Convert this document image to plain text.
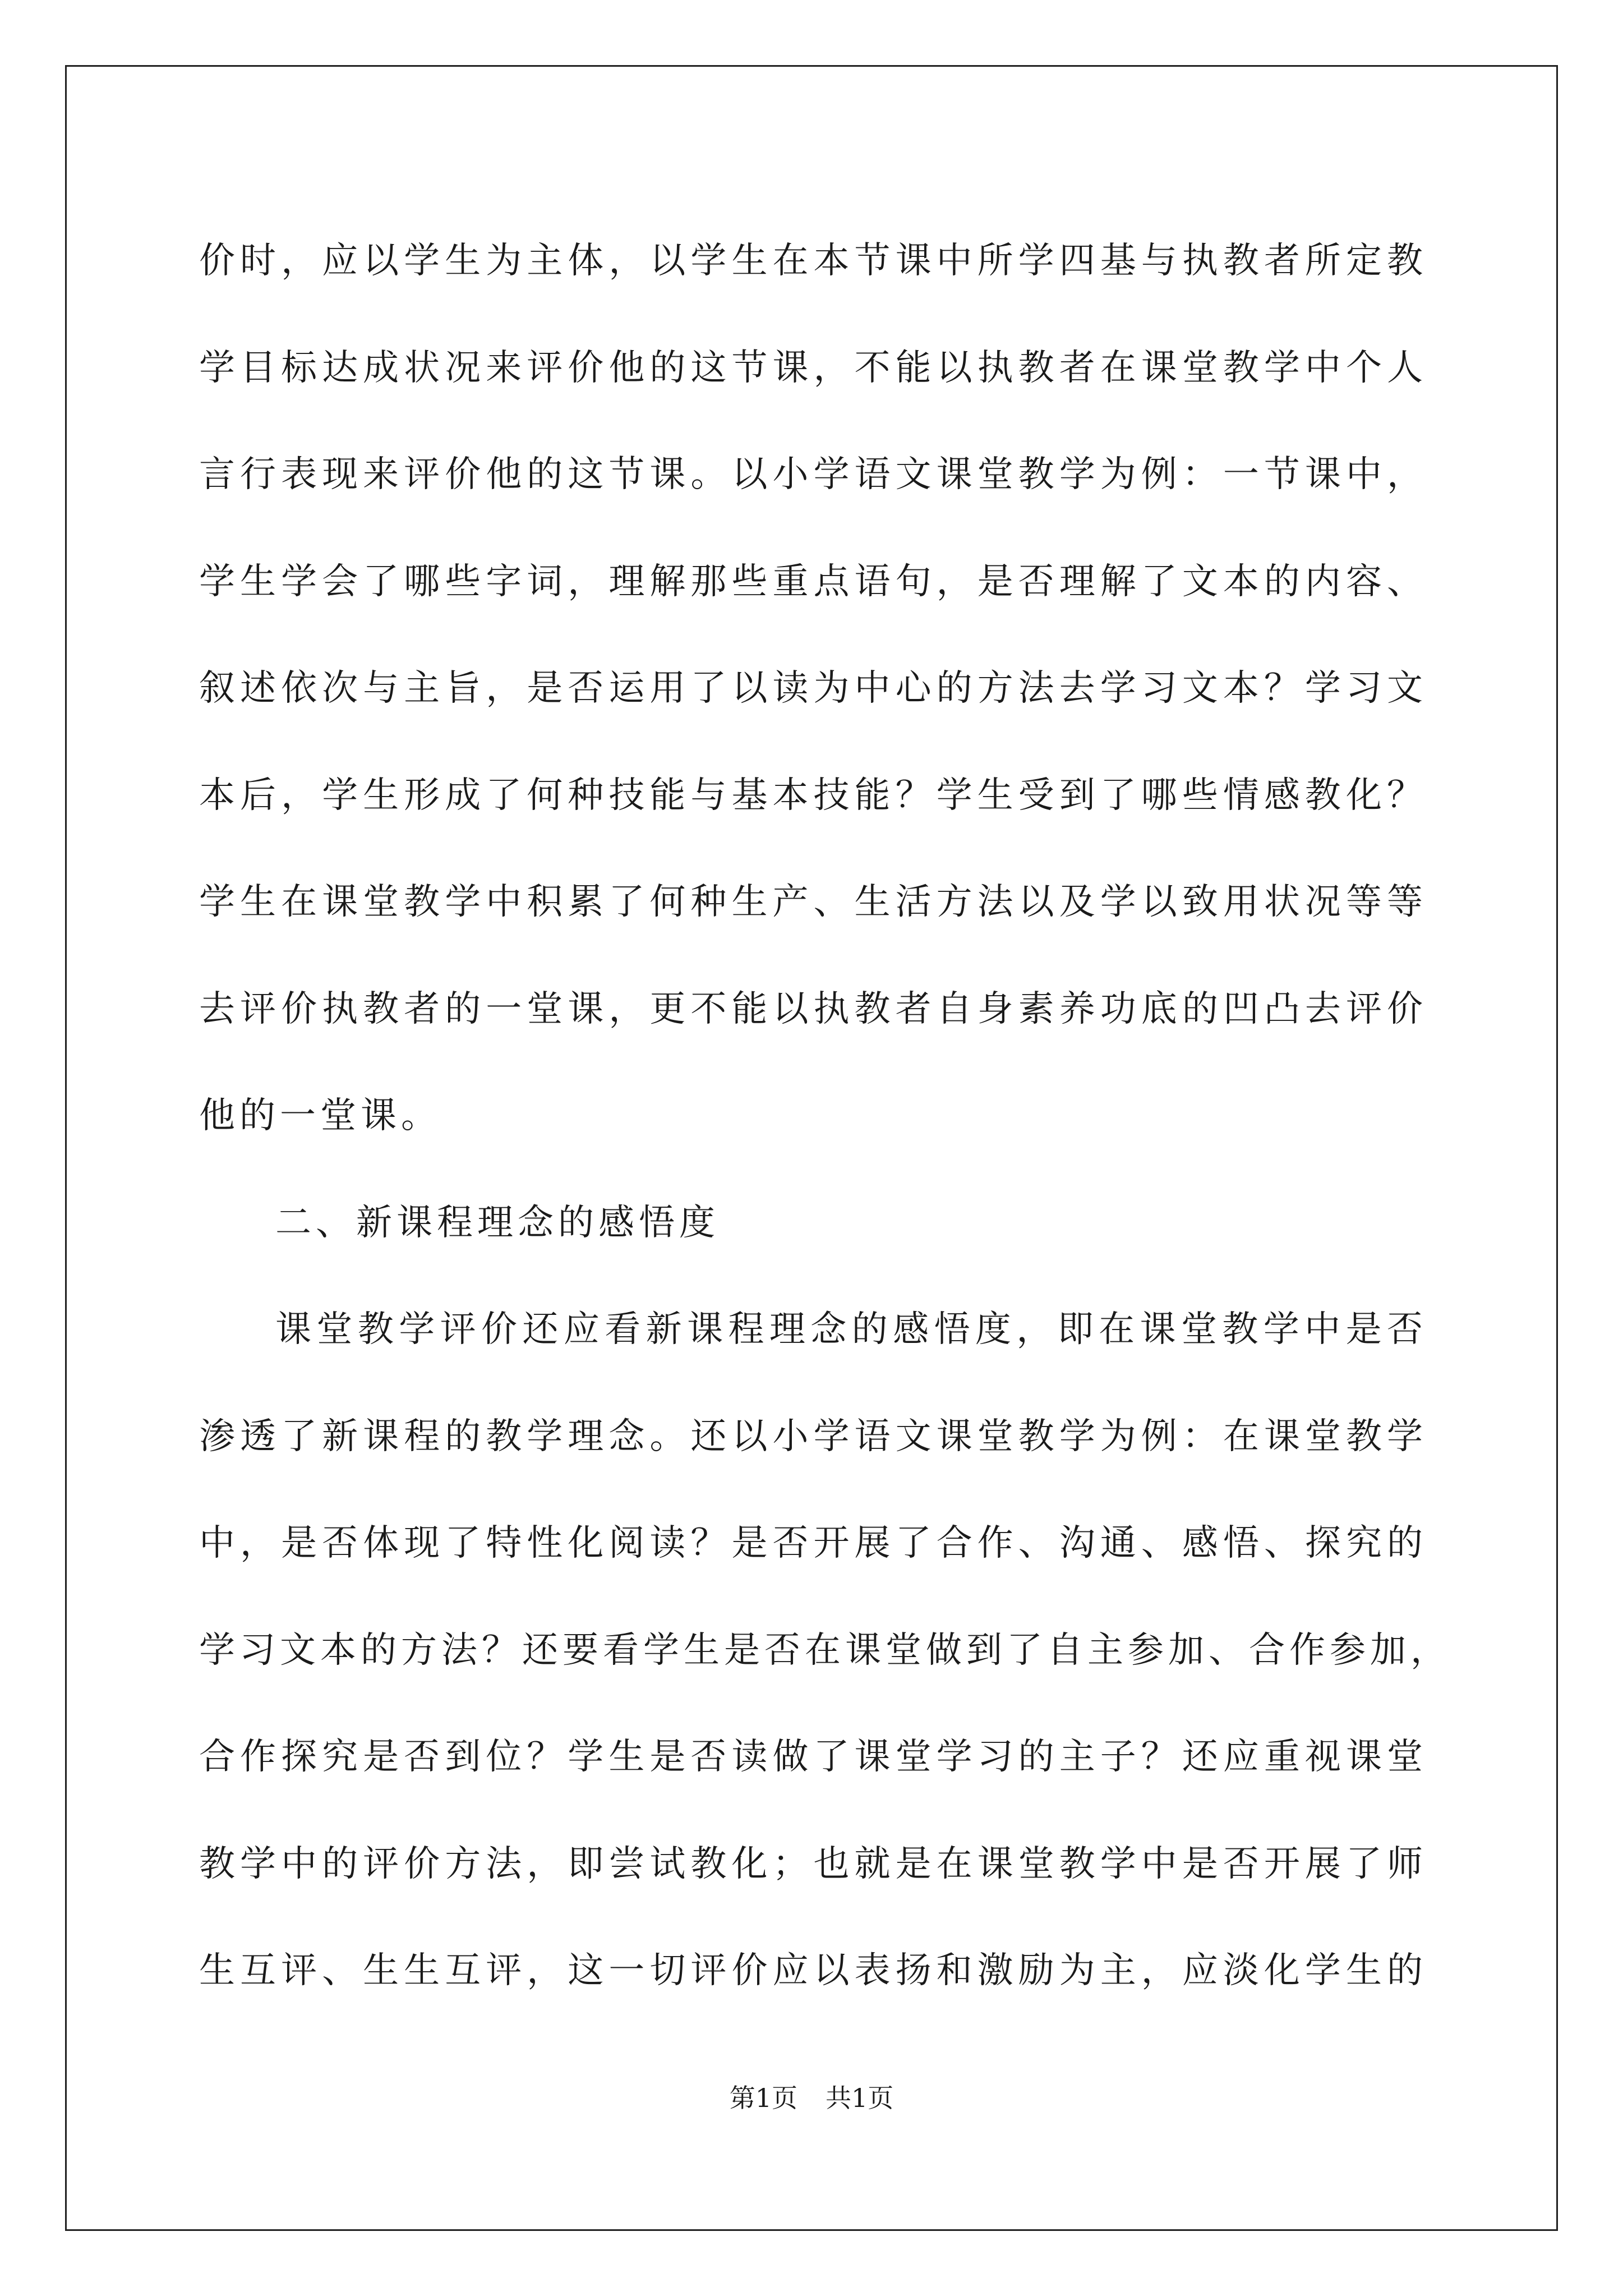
价时，应以学生为主体，以学生在本节课中所学四基与执教者所定教
学目标达成状况来评价他的这节课，不能以执教者在课堂教学中个人
言行表现来评价他的这节课。以小学语文课堂教学为例：一节课中，
学生学会了哪些字词，理解那些重点语句，是否理解了文本的内容、
叙述依次与主旨，是否运用了以读为中心的方法去学习文本？学习文
本后，学生形成了何种技能与基本技能？学生受到了哪些情感教化？
学生在课堂教学中积累了何种生产、生活方法以及学以致用状况等等
去评价执教者的一堂课，更不能以执教者自身素养功底的凹凸去评价
他的一堂课。
二、新课程理念的感悟度
课堂教学评价还应看新课程理念的感悟度，即在课堂教学中是否
渗透了新课程的教学理念。还以小学语文课堂教学为例：在课堂教学
中，是否体现了特性化阅读？是否开展了合作、沟通、感悟、探究的
学习文本的方法？还要看学生是否在课堂做到了自主参加、合作参加，
合作探究是否到位？学生是否读做了课堂学习的主子？还应重视课堂
教学中的评价方法，即尝试教化；也就是在课堂教学中是否开展了师
生互评、生生互评，这一切评价应以表扬和激励为主，应淡化学生的
第1页 共1页
